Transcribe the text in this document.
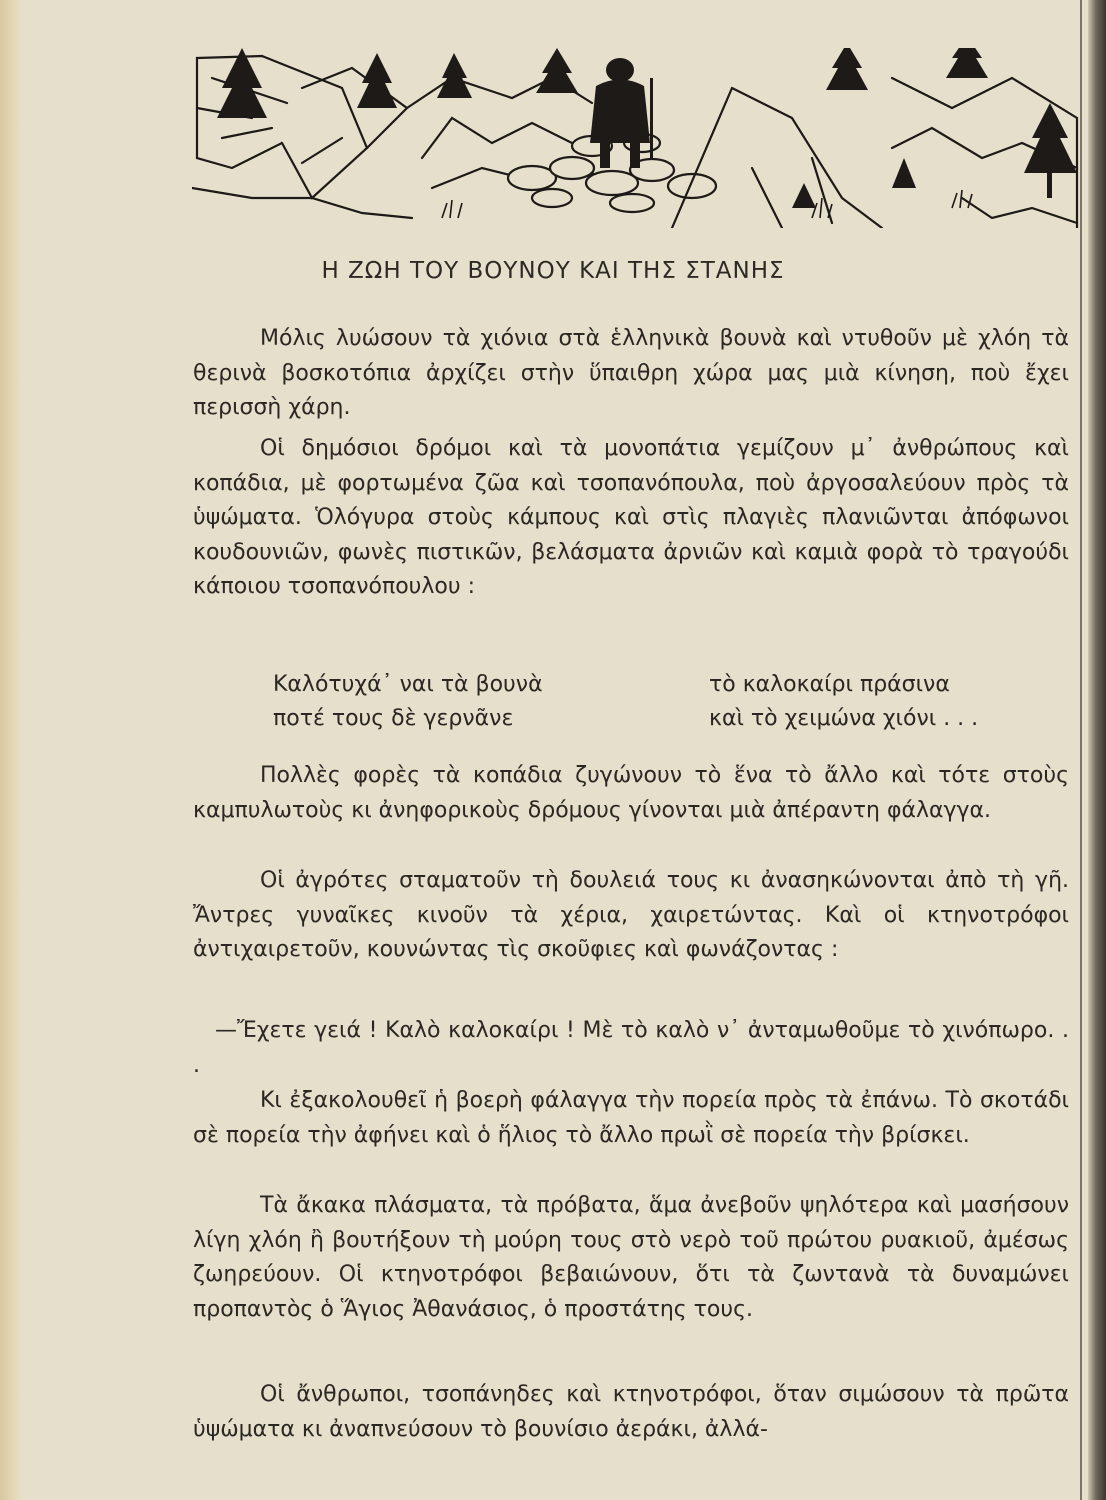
Η ΖΩΗ ΤΟΥ ΒΟΥΝΟΥ ΚΑΙ ΤΗΣ ΣΤΑΝΗΣ

Μόλις λυώσουν τὰ χιόνια στὰ ἑλληνικὰ βουνὰ καὶ ντυθοῦν μὲ χλόη τὰ θερινὰ βοσκοτόπια ἀρχίζει στὴν ὕπαιθρη χώρα μας μιὰ κίνηση, ποὺ ἔχει περισσὴ χάρη.

Οἱ δημόσιοι δρόμοι καὶ τὰ μονοπάτια γεμίζουν μ᾽ ἀνθρώπους καὶ κοπάδια, μὲ φορτωμένα ζῶα καὶ τσοπανόπουλα, ποὺ ἀργοσαλεύουν πρὸς τὰ ὑψώματα. Ὁλόγυρα στοὺς κάμπους καὶ στὶς πλαγιὲς πλανιῶνται ἀπόφωνοι κουδουνιῶν, φωνὲς πιστικῶν, βελάσματα ἀρνιῶν καὶ καμιὰ φορὰ τὸ τραγούδι κάποιου τσοπανόπουλου :

Καλότυχά᾽ ναι τὰ βουνὰ	τὸ καλοκαίρι πράσινα
ποτέ τους δὲ γερνᾶνε	καὶ τὸ χειμώνα χιόνι . . .

Πολλὲς φορὲς τὰ κοπάδια ζυγώνουν τὸ ἕνα τὸ ἄλλο καὶ τότε στοὺς καμπυλωτοὺς κι ἀνηφορικοὺς δρόμους γίνονται μιὰ ἀπέραντη φάλαγγα.

Οἱ ἀγρότες σταματοῦν τὴ δουλειά τους κι ἀνασηκώνονται ἀπὸ τὴ γῆ. Ἄντρες γυναῖκες κινοῦν τὰ χέρια, χαιρετώντας. Καὶ οἱ κτηνοτρόφοι ἀντιχαιρετοῦν, κουνώντας τὶς σκοῦφιες καὶ φωνάζοντας :

—Ἔχετε γειά ! Καλὸ καλοκαίρι ! Μὲ τὸ καλὸ ν᾽ ἀνταμωθοῦμε τὸ χινόπωρο. . .

Κι ἐξακολουθεῖ ἡ βοερὴ φάλαγγα τὴν πορεία πρὸς τὰ ἐπάνω. Τὸ σκοτάδι σὲ πορεία τὴν ἀφήνει καὶ ὁ ἥλιος τὸ ἄλλο πρωῒ σὲ πορεία τὴν βρίσκει.

Τὰ ἄκακα πλάσματα, τὰ πρόβατα, ἅμα ἀνεβοῦν ψηλότερα καὶ μασήσουν λίγη χλόη ἢ βουτήξουν τὴ μούρη τους στὸ νερὸ τοῦ πρώτου ρυακιοῦ, ἀμέσως ζωηρεύουν. Οἱ κτηνοτρόφοι βεβαιώνουν, ὅτι τὰ ζωντανὰ τὰ δυναμώνει προπαντὸς ὁ Ἅγιος Ἀθανάσιος, ὁ προστάτης τους.

Οἱ ἄνθρωποι, τσοπάνηδες καὶ κτηνοτρόφοι, ὅταν σιμώσουν τὰ πρῶτα ὑψώματα κι ἀναπνεύσουν τὸ βουνίσιο ἀεράκι, ἀλλά-
